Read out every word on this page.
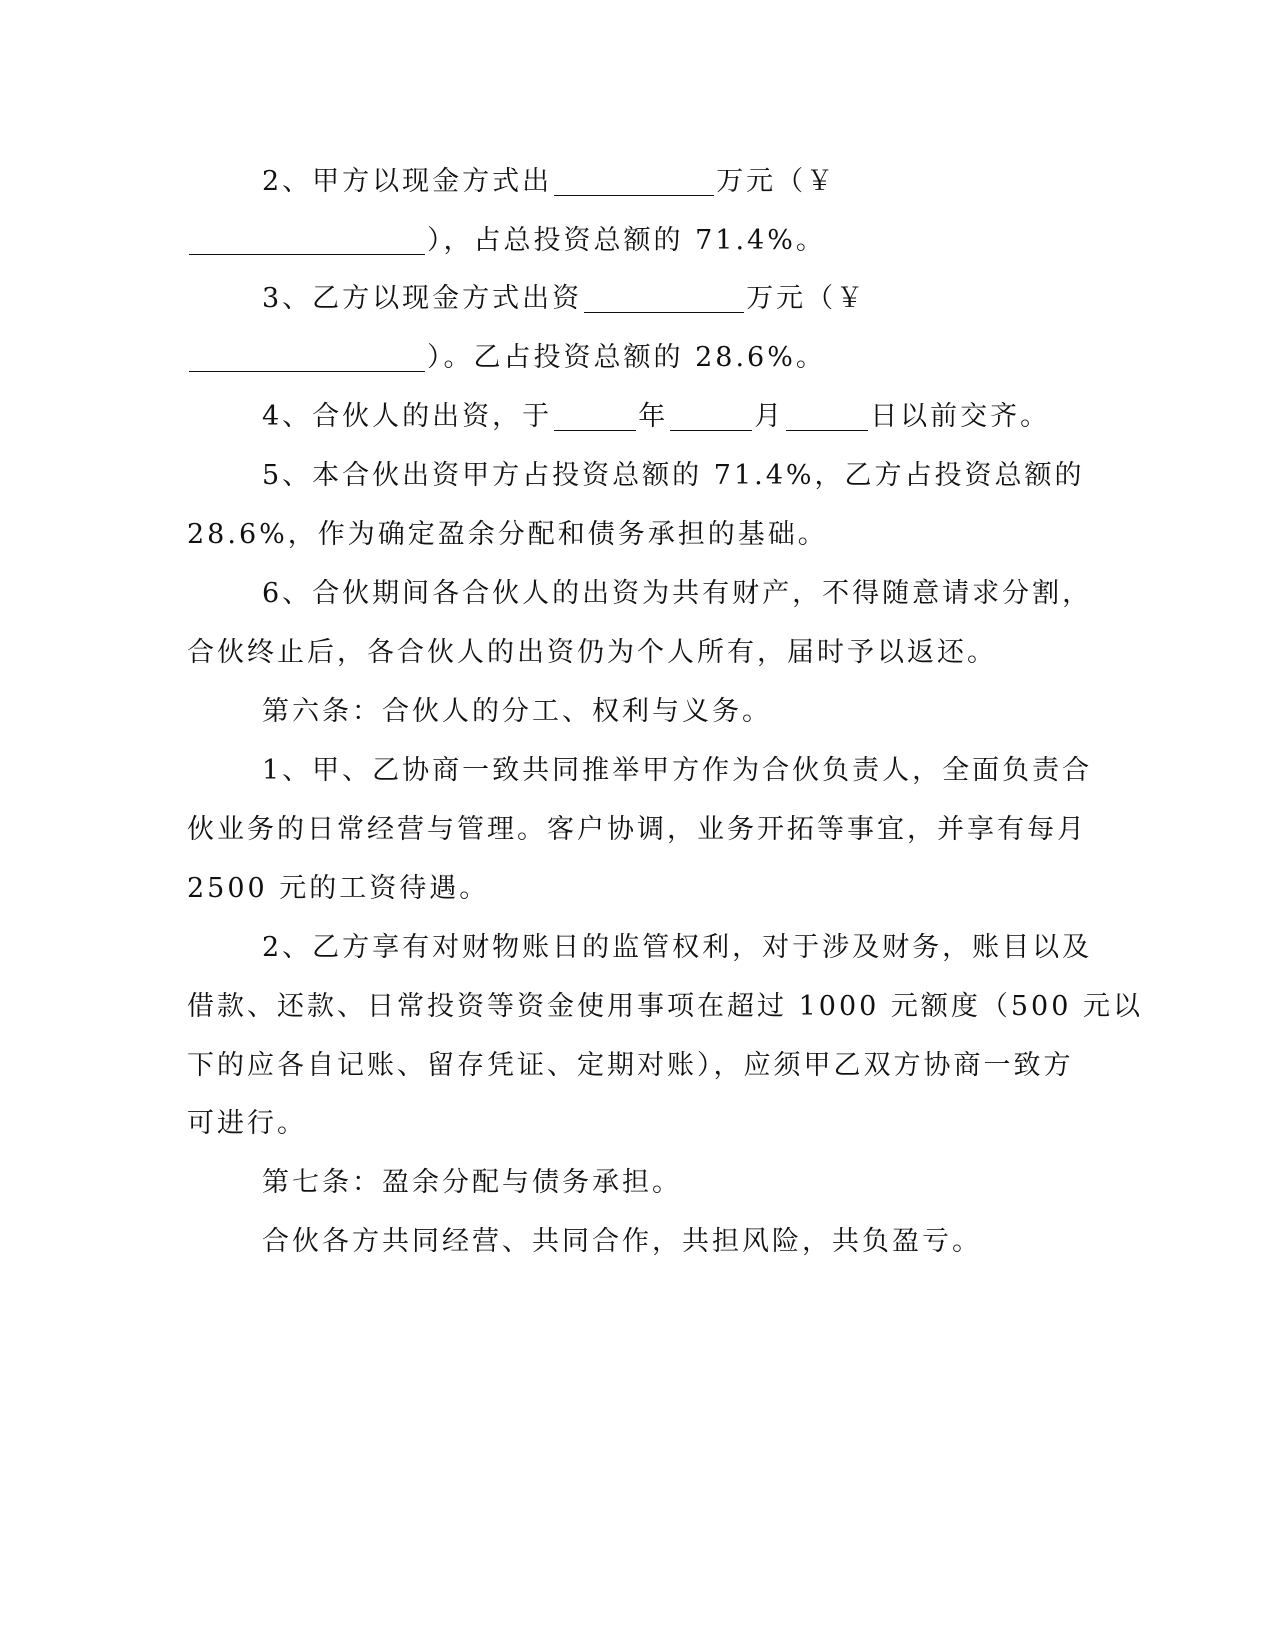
2、甲方以现金方式出	万元（￥
），占总投资总额的 71.4%。
3、乙方以现金方式出资	万元（￥
）。乙占投资总额的 28.6%。
4、合伙人的出资，于	年	月	日以前交齐。
5、本合伙出资甲方占投资总额的 71.4%，乙方占投资总额的
28.6%，作为确定盈余分配和债务承担的基础。
6、合伙期间各合伙人的出资为共有财产，不得随意请求分割，
合伙终止后，各合伙人的出资仍为个人所有，届时予以返还。
第六条：合伙人的分工、权利与义务。
1、甲、乙协商一致共同推举甲方作为合伙负责人，全面负责合
伙业务的日常经营与管理。客户协调，业务开拓等事宜，并享有每月
2500 元的工资待遇。
2、乙方享有对财物账日的监管权利，对于涉及财务，账目以及
借款、还款、日常投资等资金使用事项在超过 1000 元额度（500 元以
下的应各自记账、留存凭证、定期对账），应须甲乙双方协商一致方
可进行。
第七条：盈余分配与债务承担。
合伙各方共同经营、共同合作，共担风险，共负盈亏。
